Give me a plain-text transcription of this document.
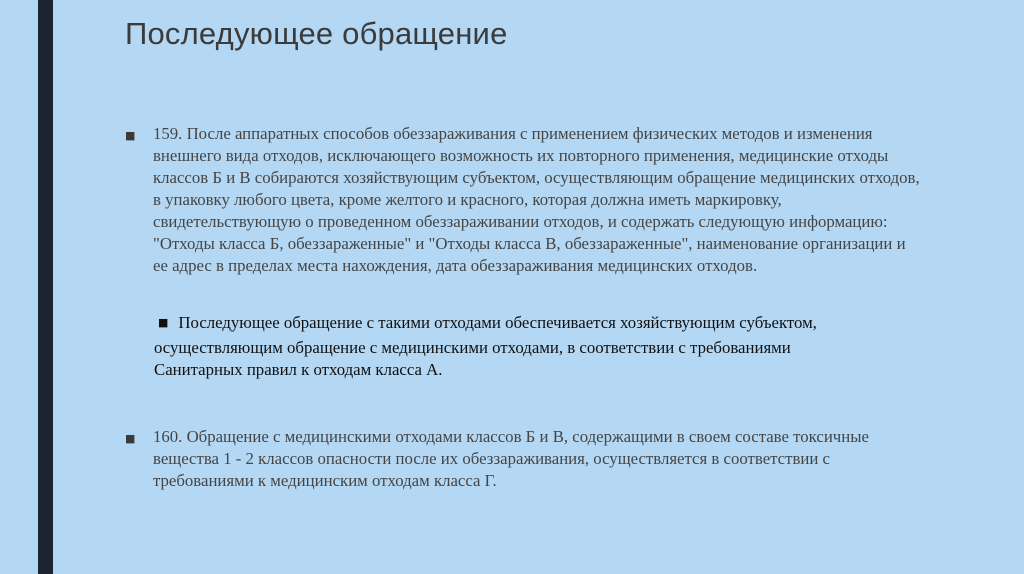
Последующее обращение
■ 159. После аппаратных способов обеззараживания с применением физических методов и изменения внешнего вида отходов, исключающего возможность их повторного применения, медицинские отходы классов Б и В собираются хозяйствующим субъектом, осуществляющим обращение медицинских отходов, в упаковку любого цвета, кроме желтого и красного, которая должна иметь маркировку, свидетельствующую о проведенном обеззараживании отходов, и содержать следующую информацию: "Отходы класса Б, обеззараженные" и "Отходы класса В, обеззараженные", наименование организации и ее адрес в пределах места нахождения, дата обеззараживания медицинских отходов.
■ Последующее обращение с такими отходами обеспечивается хозяйствующим субъектом, осуществляющим обращение с медицинскими отходами, в соответствии с требованиями Санитарных правил к отходам класса А.
■ 160. Обращение с медицинскими отходами классов Б и В, содержащими в своем составе токсичные вещества 1 - 2 классов опасности после их обеззараживания, осуществляется в соответствии с требованиями к медицинским отходам класса Г.
